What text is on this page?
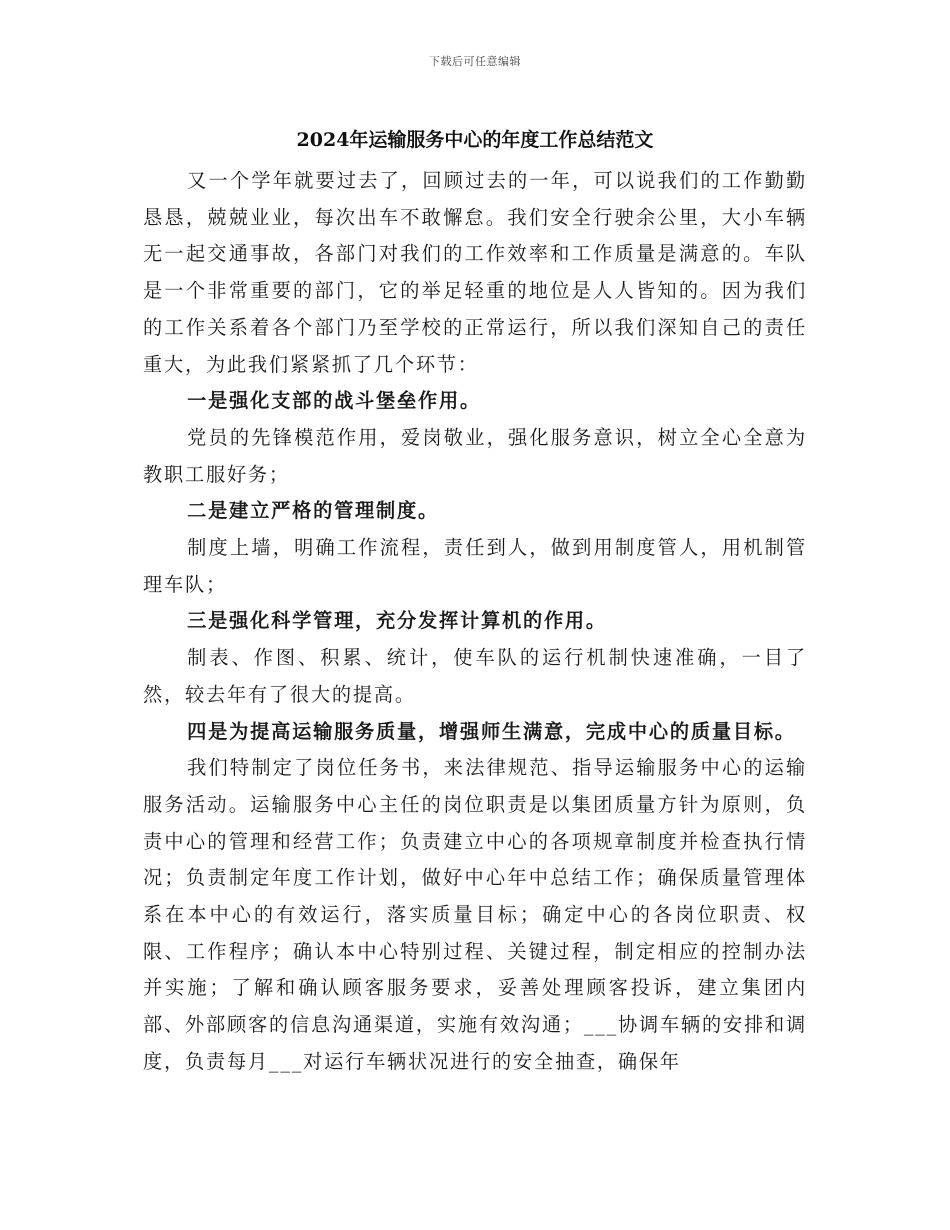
下载后可任意编辑
2024年运输服务中心的年度工作总结范文

又一个学年就要过去了，回顾过去的一年，可以说我们的工作勤勤恳恳，兢兢业业，每次出车不敢懈怠。我们安全行驶余公里，大小车辆无一起交通事故，各部门对我们的工作效率和工作质量是满意的。车队是一个非常重要的部门，它的举足轻重的地位是人人皆知的。因为我们的工作关系着各个部门乃至学校的正常运行，所以我们深知自己的责任重大，为此我们紧紧抓了几个环节：

一是强化支部的战斗堡垒作用。

党员的先锋模范作用，爱岗敬业，强化服务意识，树立全心全意为教职工服好务；

二是建立严格的管理制度。

制度上墙，明确工作流程，责任到人，做到用制度管人，用机制管理车队；

三是强化科学管理，充分发挥计算机的作用。

制表、作图、积累、统计，使车队的运行机制快速准确，一目了然，较去年有了很大的提高。

四是为提高运输服务质量，增强师生满意，完成中心的质量目标。

我们特制定了岗位任务书，来法律规范、指导运输服务中心的运输服务活动。运输服务中心主任的岗位职责是以集团质量方针为原则，负责中心的管理和经营工作；负责建立中心的各项规章制度并检查执行情况；负责制定年度工作计划，做好中心年中总结工作；确保质量管理体系在本中心的有效运行，落实质量目标；确定中心的各岗位职责、权限、工作程序；确认本中心特别过程、关键过程，制定相应的控制办法并实施；了解和确认顾客服务要求，妥善处理顾客投诉，建立集团内部、外部顾客的信息沟通渠道，实施有效沟通；___协调车辆的安排和调度，负责每月___对运行车辆状况进行的安全抽查，确保年
